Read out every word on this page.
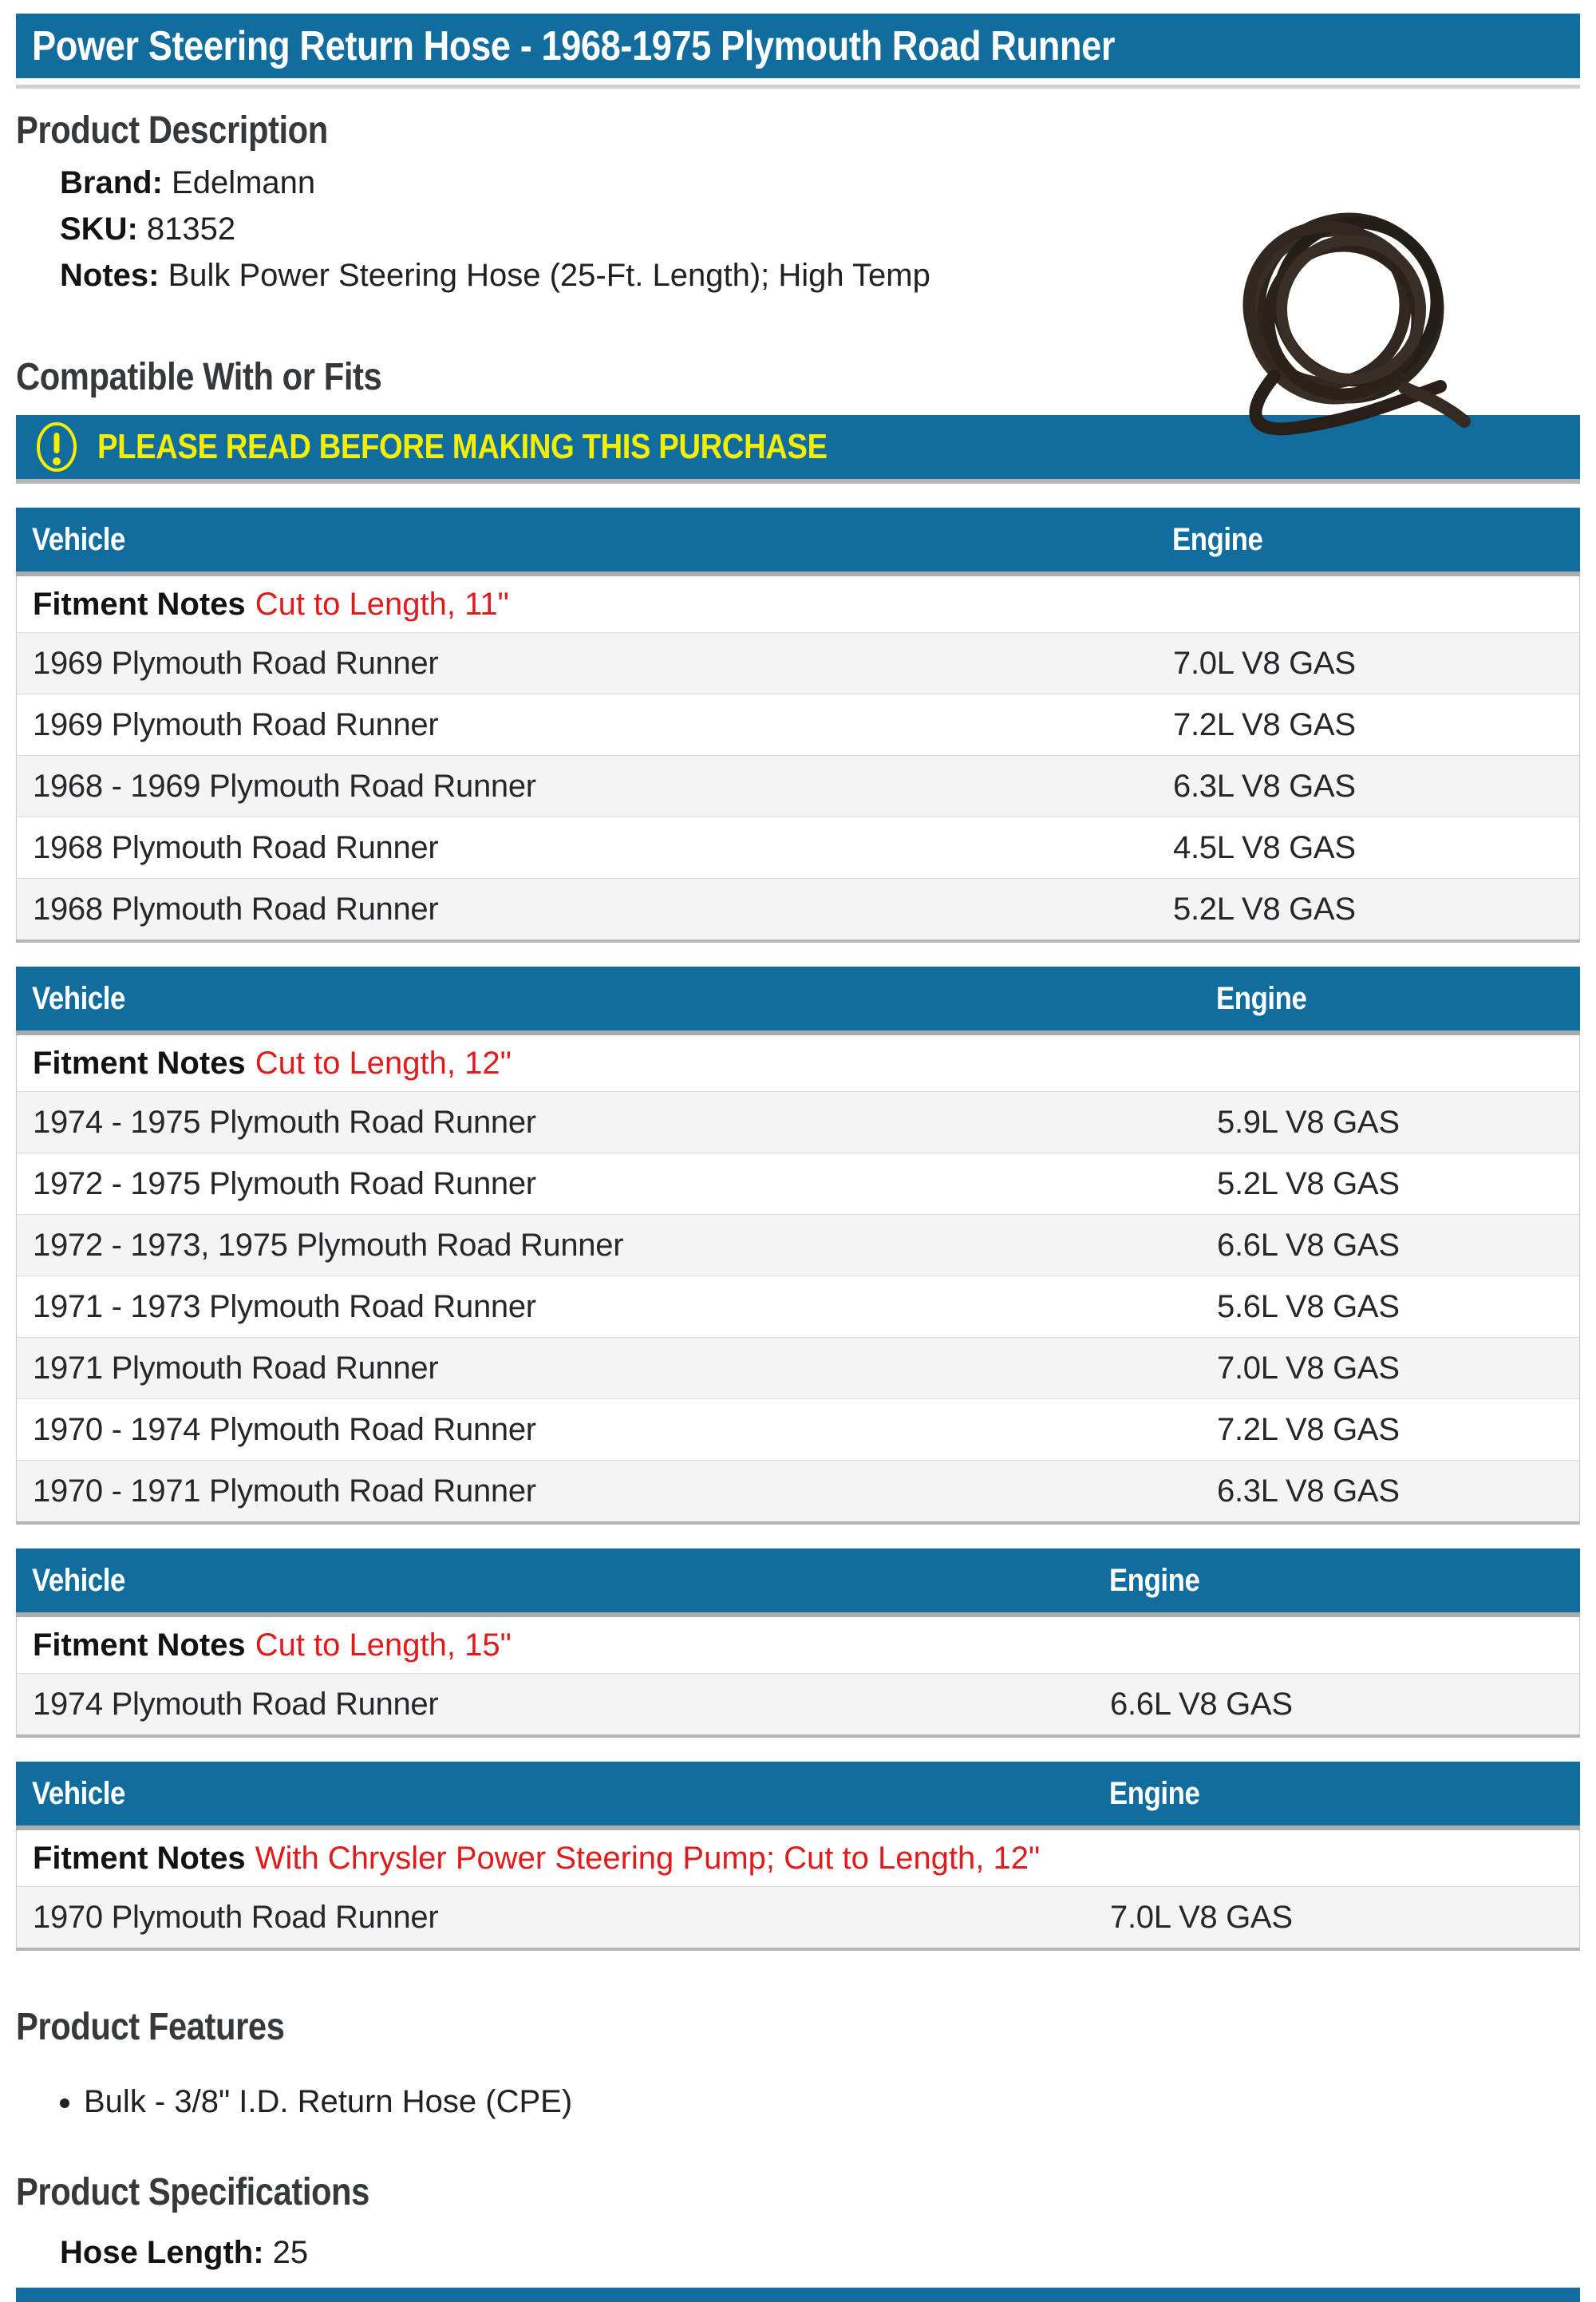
Power Steering Return Hose - 1968-1975 Plymouth Road Runner
Product Description

Brand: Edelmann

SKU: 81352

Notes: Bulk Power Steering Hose (25-Ft. Length); High Temp

Compatible With or Fits
PLEASE READ BEFORE MAKING THIS PURCHASE
Vehicle	Engine
Fitment Notes Cut to Length, 11"
1969 Plymouth Road Runner	7.0L V8 GAS
1969 Plymouth Road Runner	7.2L V8 GAS
1968 - 1969 Plymouth Road Runner	6.3L V8 GAS
1968 Plymouth Road Runner	4.5L V8 GAS
1968 Plymouth Road Runner	5.2L V8 GAS
Vehicle	Engine
Fitment Notes Cut to Length, 12"
1974 - 1975 Plymouth Road Runner	5.9L V8 GAS
1972 - 1975 Plymouth Road Runner	5.2L V8 GAS
1972 - 1973, 1975 Plymouth Road Runner	6.6L V8 GAS
1971 - 1973 Plymouth Road Runner	5.6L V8 GAS
1971 Plymouth Road Runner	7.0L V8 GAS
1970 - 1974 Plymouth Road Runner	7.2L V8 GAS
1970 - 1971 Plymouth Road Runner	6.3L V8 GAS
Vehicle	Engine
Fitment Notes Cut to Length, 15"
1974 Plymouth Road Runner	6.6L V8 GAS
Vehicle	Engine
Fitment Notes With Chrysler Power Steering Pump; Cut to Length, 12"
1970 Plymouth Road Runner	7.0L V8 GAS
Product Features
• Bulk - 3/8" I.D. Return Hose (CPE)
Product Specifications

Hose Length: 25
